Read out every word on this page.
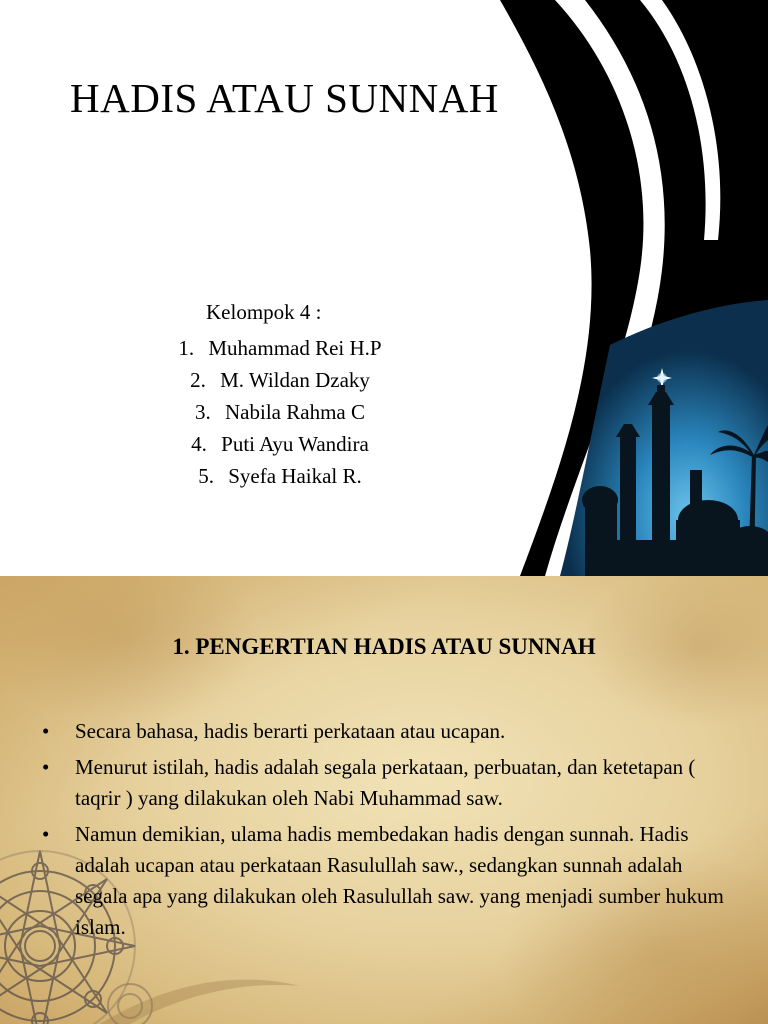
HADIS ATAU SUNNAH
Kelompok 4 :
1. Muhammad Rei H.P
2. M. Wildan Dzaky
3. Nabila Rahma C
4. Puti Ayu Wandira
5. Syefa Haikal R.
1. PENGERTIAN HADIS ATAU SUNNAH
• Secara bahasa, hadis berarti perkataan atau ucapan.
• Menurut istilah, hadis adalah segala perkataan, perbuatan, dan ketetapan ( taqrir ) yang dilakukan oleh Nabi Muhammad saw.
• Namun demikian, ulama hadis membedakan hadis dengan sunnah. Hadis adalah ucapan atau perkataan Rasulullah saw., sedangkan sunnah adalah segala apa yang dilakukan oleh Rasulullah saw. yang menjadi sumber hukum islam.
